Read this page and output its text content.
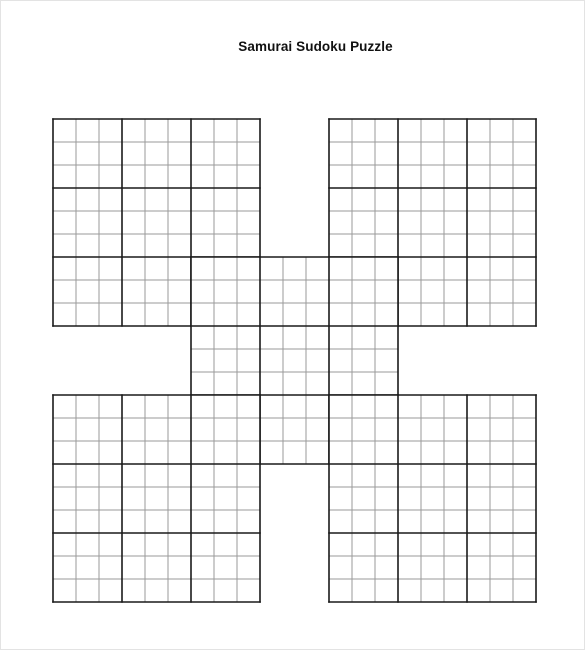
Samurai Sudoku Puzzle
